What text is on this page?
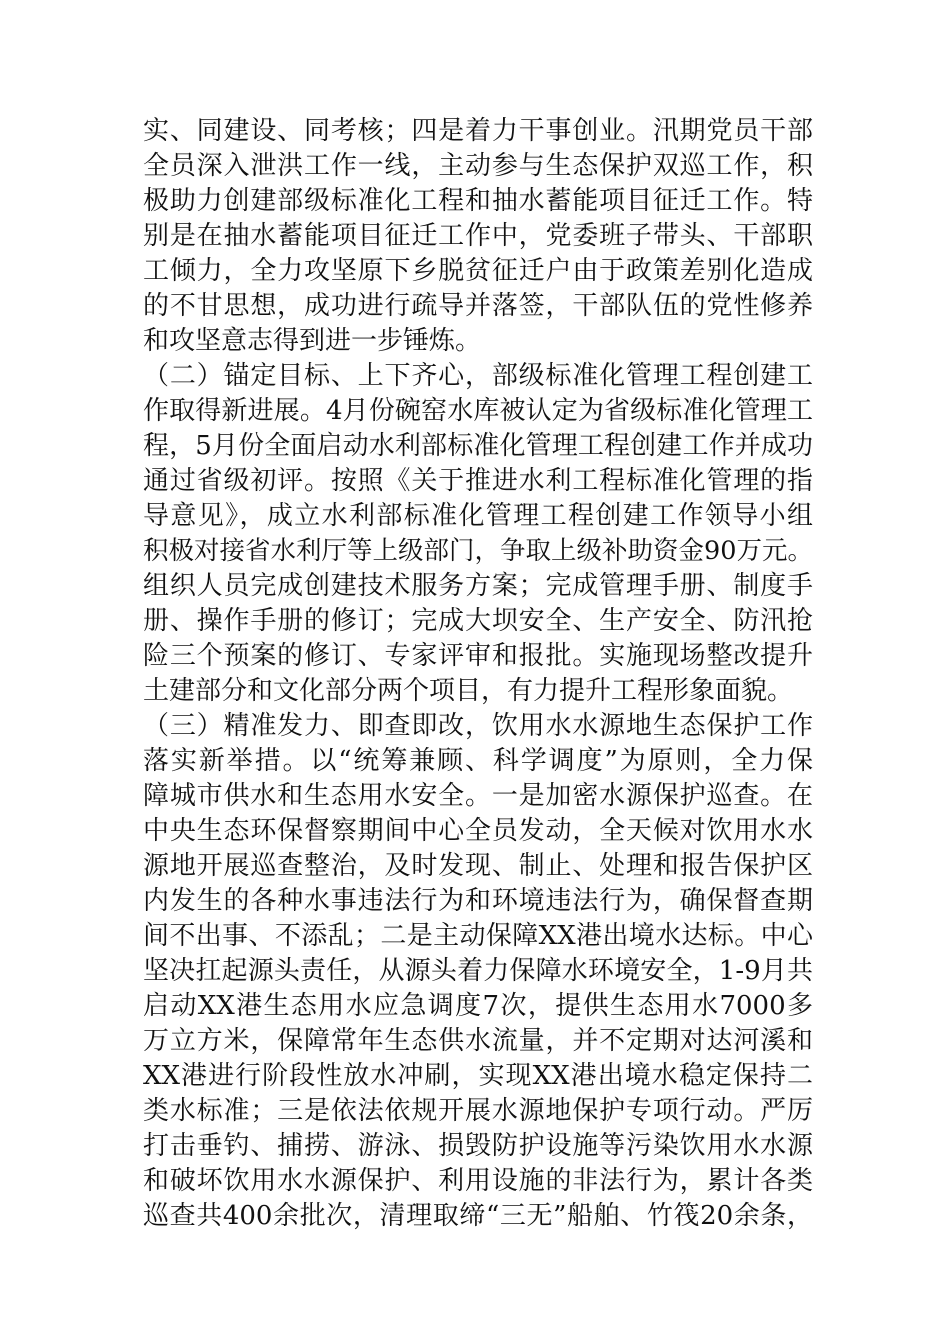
实、同建设、同考核；四是着力干事创业。汛期党员干部
全员深入泄洪工作一线，主动参与生态保护双巡工作，积
极助力创建部级标准化工程和抽水蓄能项目征迁工作。特
别是在抽水蓄能项目征迁工作中，党委班子带头、干部职
工倾力，全力攻坚原下乡脱贫征迁户由于政策差别化造成
的不甘思想，成功进行疏导并落签，干部队伍的党性修养
和攻坚意志得到进一步锤炼。
（二）锚定目标、上下齐心，部级标准化管理工程创建工
作取得新进展。4月份碗窑水库被认定为省级标准化管理工
程，5月份全面启动水利部标准化管理工程创建工作并成功
通过省级初评。按照《关于推进水利工程标准化管理的指
导意见》，成立水利部标准化管理工程创建工作领导小组
积极对接省水利厅等上级部门，争取上级补助资金90万元。
组织人员完成创建技术服务方案；完成管理手册、制度手
册、操作手册的修订；完成大坝安全、生产安全、防汛抢
险三个预案的修订、专家评审和报批。实施现场整改提升
土建部分和文化部分两个项目，有力提升工程形象面貌。
（三）精准发力、即查即改，饮用水水源地生态保护工作
落实新举措。以“统筹兼顾、科学调度”为原则，全力保
障城市供水和生态用水安全。一是加密水源保护巡查。在
中央生态环保督察期间中心全员发动，全天候对饮用水水
源地开展巡查整治，及时发现、制止、处理和报告保护区
内发生的各种水事违法行为和环境违法行为，确保督查期
间不出事、不添乱；二是主动保障XX港出境水达标。中心
坚决扛起源头责任，从源头着力保障水环境安全，1-9月共
启动XX港生态用水应急调度7次，提供生态用水7000多
万立方米，保障常年生态供水流量，并不定期对达河溪和
XX港进行阶段性放水冲刷，实现XX港出境水稳定保持二
类水标准；三是依法依规开展水源地保护专项行动。严厉
打击垂钓、捕捞、游泳、损毁防护设施等污染饮用水水源
和破坏饮用水水源保护、利用设施的非法行为，累计各类
巡查共400余批次，清理取缔“三无”船舶、竹筏20余条，
